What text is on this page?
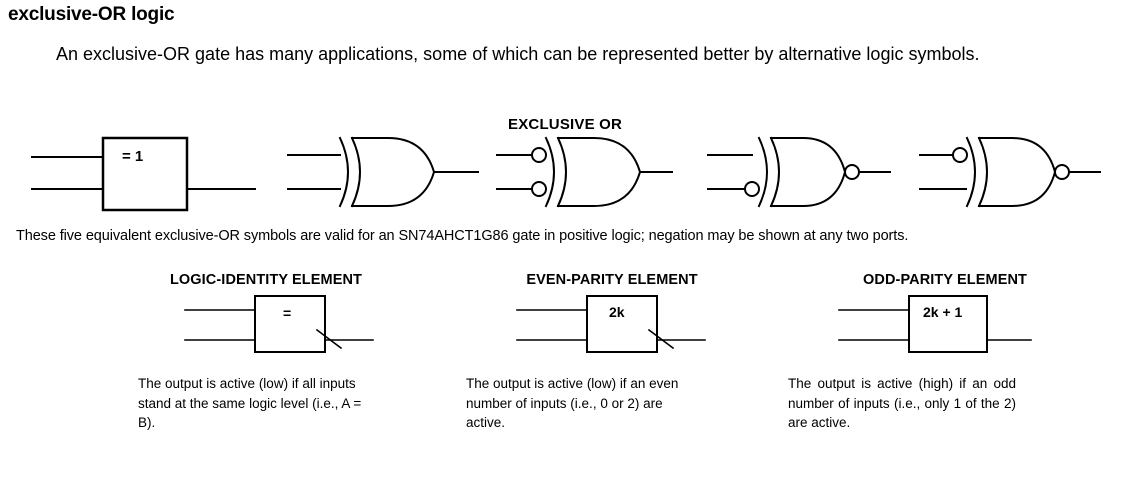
exclusive-OR logic
An exclusive-OR gate has many applications, some of which can be represented better by alternative logic symbols.
EXCLUSIVE OR
= 1
These five equivalent exclusive-OR symbols are valid for an SN74AHCT1G86 gate in positive logic; negation may be shown at any two ports.
LOGIC-IDENTITY ELEMENT
=
The output is active (low) if all inputs stand at the same logic level (i.e., A = B).
EVEN-PARITY ELEMENT
2k
The output is active (low) if an even number of inputs (i.e., 0 or 2) are active.
ODD-PARITY ELEMENT
2k + 1
The output is active (high) if an odd number of inputs (i.e., only 1 of the 2) are active.
